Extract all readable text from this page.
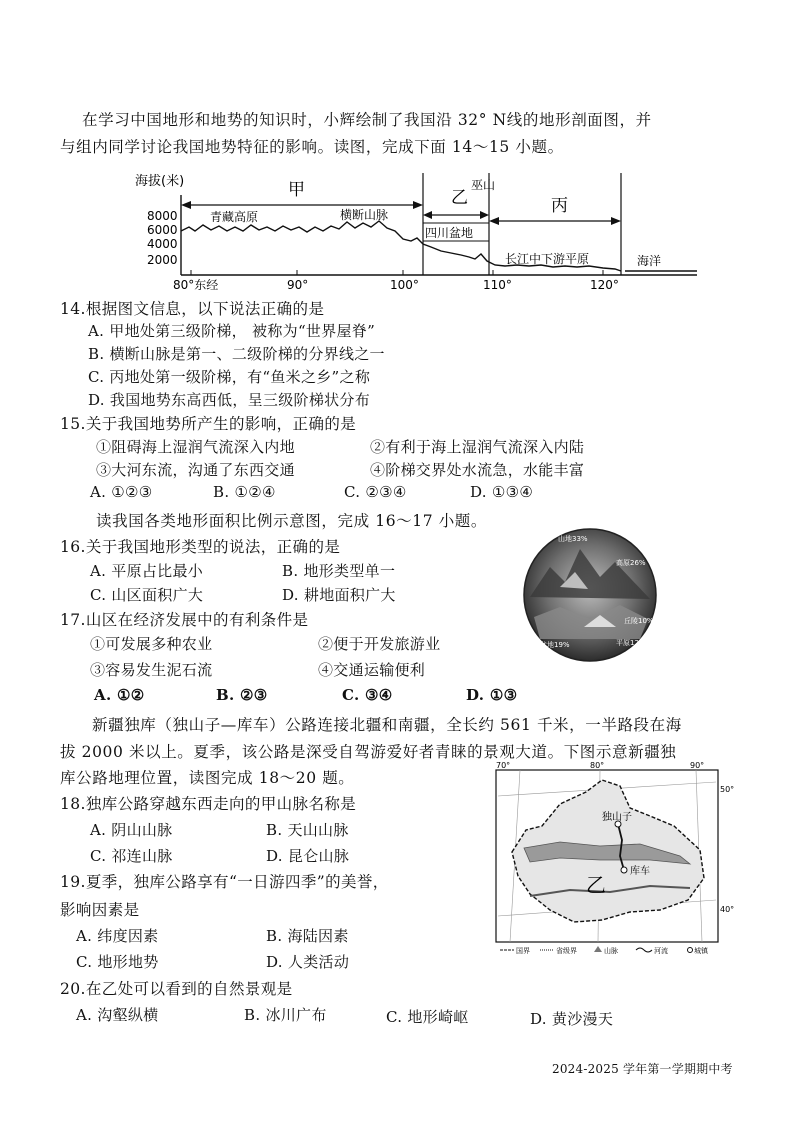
在学习中国地形和地势的知识时，小辉绘制了我国沿 32° N线的地形剖面图，并
与组内同学讨论我国地势特征的影响。读图，完成下面 14～15 小题。
海拔(米)
8000
6000
4000
2000
80°东经	90°	100°	110°	120°
甲	乙	丙
青藏高原	横断山脉
巫山
四川盆地
长江中下游平原	海洋
14.根据图文信息，以下说法正确的是
A. 甲地处第三级阶梯， 被称为“世界屋脊”
B. 横断山脉是第一、二级阶梯的分界线之一
C. 丙地处第一级阶梯，有“鱼米之乡”之称
D. 我国地势东高西低，呈三级阶梯状分布
15.关于我国地势所产生的影响，正确的是
①阻碍海上湿润气流深入内地	②有利于海上湿润气流深入内陆
③大河东流，沟通了东西交通	④阶梯交界处水流急，水能丰富
A. ①②③	B. ①②④	C. ②③④	D. ①③④
读我国各类地形面积比例示意图，完成 16～17 小题。
山地33%
高原26%
盆地19%
丘陵10%
平原12%
16.关于我国地形类型的说法，正确的是
A. 平原占比最小	B. 地形类型单一
C. 山区面积广大	D. 耕地面积广大
17.山区在经济发展中的有利条件是
①可发展多种农业	②便于开发旅游业
③容易发生泥石流	④交通运输便利
A. ①②	B. ②③	C. ③④	D. ①③
新疆独库（独山子—库车）公路连接北疆和南疆，全长约 561 千米，一半路段在海
拔 2000 米以上。夏季，该公路是深受自驾游爱好者青睐的景观大道。下图示意新疆独
库公路地理位置，读图完成 18～20 题。
70°	80°	90°
50°
40°
独山子
库车
乙
国界	省级界	山脉	河流	城镇
18.独库公路穿越东西走向的甲山脉名称是
A. 阴山山脉	B. 天山山脉
C. 祁连山脉	D. 昆仑山脉
19.夏季，独库公路享有“一日游四季”的美誉，
影响因素是
A. 纬度因素	B. 海陆因素
C. 地形地势	D. 人类活动
20.在乙处可以看到的自然景观是
A. 沟壑纵横	B. 冰川广布	C. 地形崎岖	D. 黄沙漫天
2024-2025 学年第一学期期中考
